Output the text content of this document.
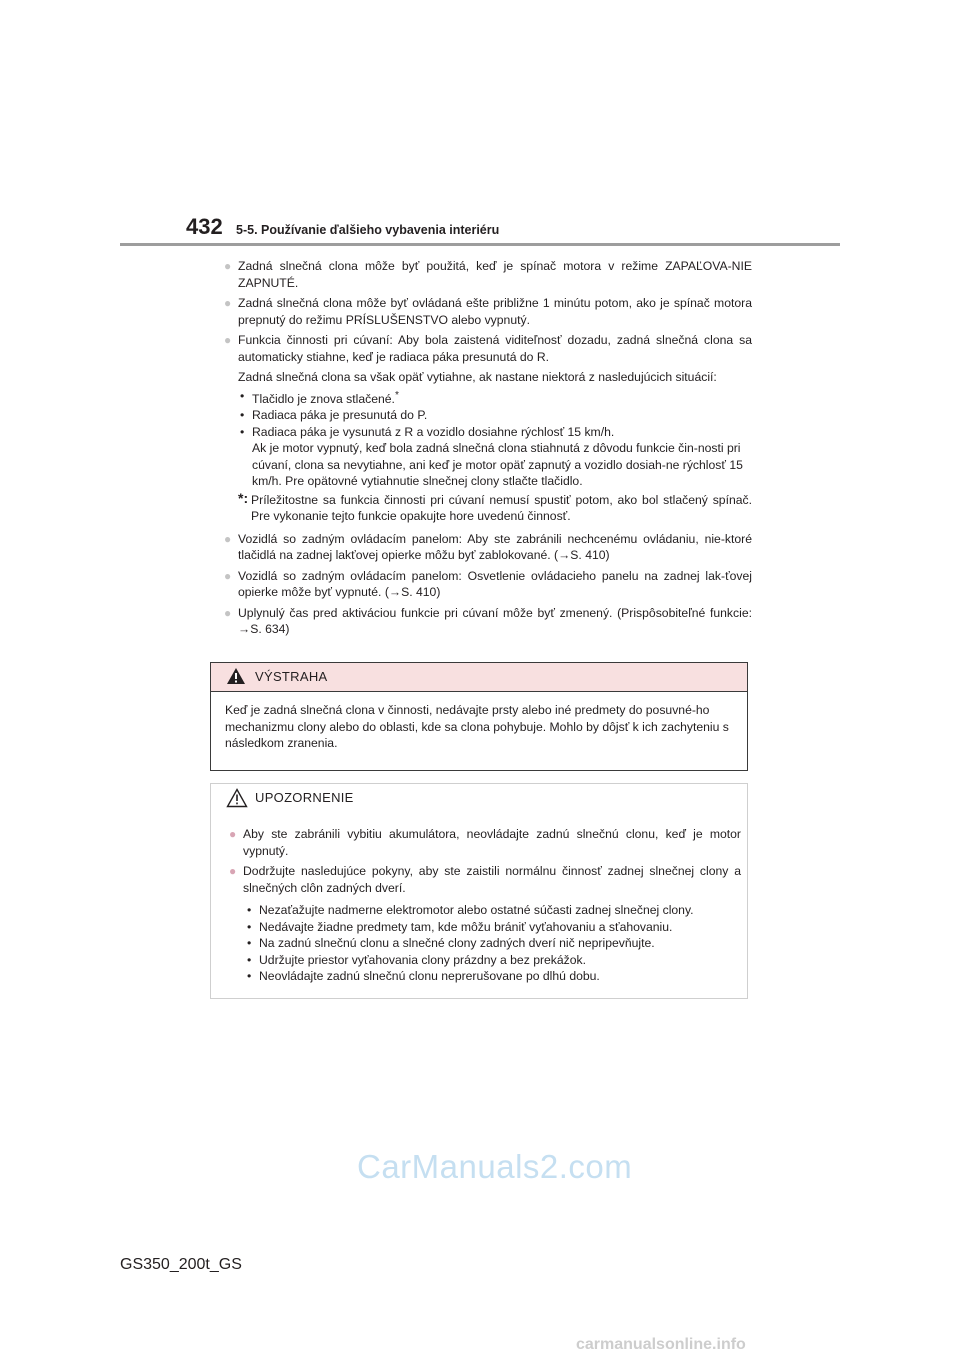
432 5-5. Používanie ďalšieho vybavenia interiéru
● Zadná slnečná clona môže byť použitá, keď je spínač motora v režime ZAPAĽOVA-NIE ZAPNUTÉ.
● Zadná slnečná clona môže byť ovládaná ešte približne 1 minútu potom, ako je spínač motora prepnutý do režimu PRÍSLUŠENSTVO alebo vypnutý.
● Funkcia činnosti pri cúvaní: Aby bola zaistená viditeľnosť dozadu, zadná slnečná clona sa automaticky stiahne, keď je radiaca páka presunutá do R.
Zadná slnečná clona sa však opäť vytiahne, ak nastane niektorá z nasledujúcich situácií:
• Tlačidlo je znova stlačené.*
• Radiaca páka je presunutá do P.
• Radiaca páka je vysunutá z R a vozidlo dosiahne rýchlosť 15 km/h.
Ak je motor vypnutý, keď bola zadná slnečná clona stiahnutá z dôvodu funkcie čin-nosti pri cúvaní, clona sa nevytiahne, ani keď je motor opäť zapnutý a vozidlo dosiah-ne rýchlosť 15 km/h. Pre opätovné vytiahnutie slnečnej clony stlačte tlačidlo.
*: Príležitostne sa funkcia činnosti pri cúvaní nemusí spustiť potom, ako bol stlačený spínač. Pre vykonanie tejto funkcie opakujte hore uvedenú činnosť.
● Vozidlá so zadným ovládacím panelom: Aby ste zabránili nechcenému ovládaniu, nie-ktoré tlačidlá na zadnej lakťovej opierke môžu byť zablokované. (→S. 410)
● Vozidlá so zadným ovládacím panelom: Osvetlenie ovládacieho panelu na zadnej lak-ťovej opierke môže byť vypnuté. (→S. 410)
● Uplynulý čas pred aktiváciou funkcie pri cúvaní môže byť zmenený. (Prispôsobiteľné funkcie: →S. 634)
VÝSTRAHA
Keď je zadná slnečná clona v činnosti, nedávajte prsty alebo iné predmety do posuvné-ho mechanizmu clony alebo do oblasti, kde sa clona pohybuje. Mohlo by dôjsť k ich zachyteniu s následkom zranenia.
UPOZORNENIE
● Aby ste zabránili vybitiu akumulátora, neovládajte zadnú slnečnú clonu, keď je motor vypnutý.
● Dodržujte nasledujúce pokyny, aby ste zaistili normálnu činnosť zadnej slnečnej clony a slnečných clôn zadných dverí.
• Nezaťažujte nadmerne elektromotor alebo ostatné súčasti zadnej slnečnej clony.
• Nedávajte žiadne predmety tam, kde môžu brániť vyťahovaniu a sťahovaniu.
• Na zadnú slnečnú clonu a slnečné clony zadných dverí nič nepripevňujte.
• Udržujte priestor vyťahovania clony prázdny a bez prekážok.
• Neovládajte zadnú slnečnú clonu neprerušovane po dlhú dobu.
CarManuals2.com
GS350_200t_GS
carmanualsonline.info
